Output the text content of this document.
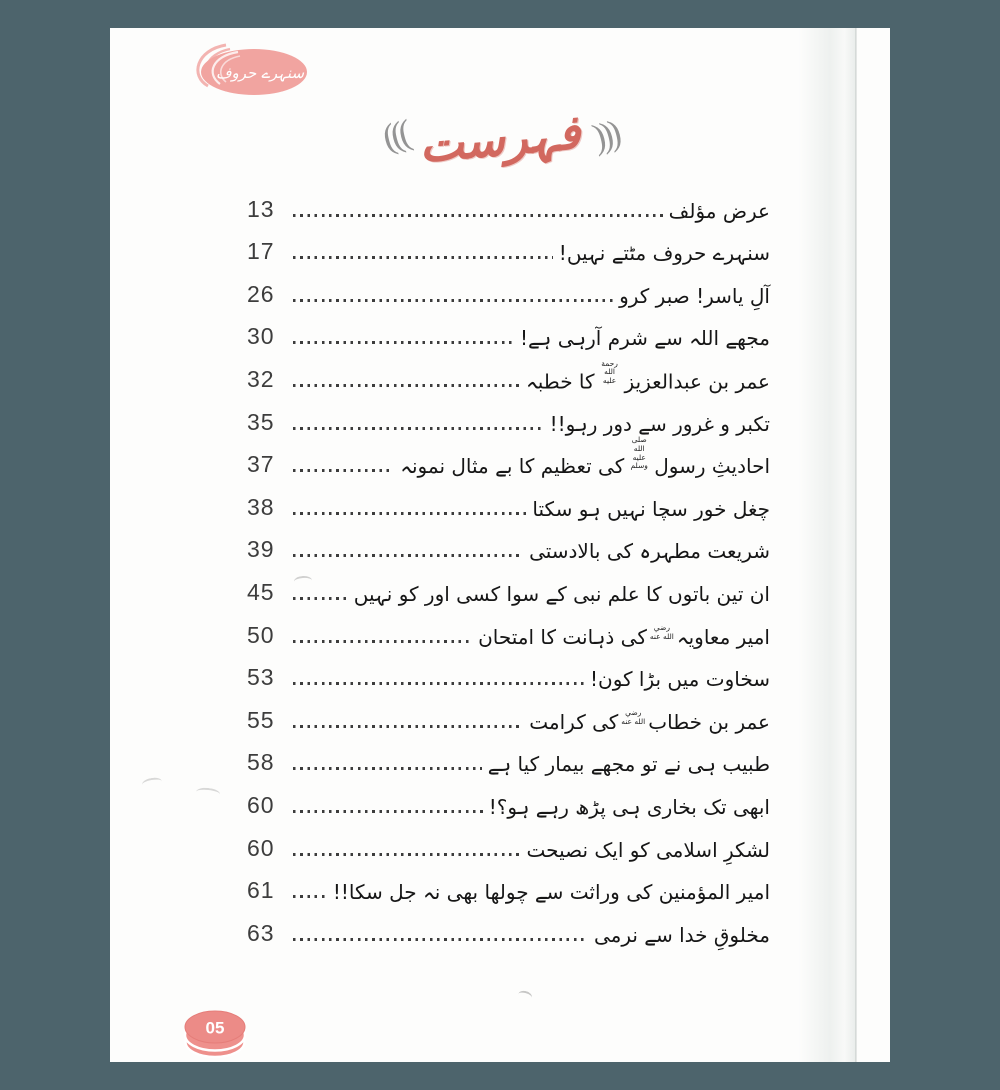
سنہرے حروف
((( فہرست )))
13	عرض مؤلف
17	سنہرے حروف مٹتے نہیں!
26	آلِ یاسر! صبر کرو
30	مجھے اللہ سے شرم آرہی ہے!
32	عمر بن عبدالعزیزرحمة الله عليهکا خطبہ
35	تکبر و غرور سے دور رہو!!
37	احادیثِ رسولصلى الله عليه وسلمکی تعظیم کا بے مثال نمونہ
38	چغل خور سچا نہیں ہو سکتا
39	شریعت مطہرہ کی بالادستی
45	ان تین باتوں کا علم نبی کے سوا کسی اور کو نہیں
50	امیر معاویہرضي الله عنهکی ذہانت کا امتحان
53	سخاوت میں بڑا کون!
55	عمر بن خطابرضي الله عنهکی کرامت
58	طبیب ہی نے تو مجھے بیمار کیا ہے
60	ابھی تک بخاری ہی پڑھ رہے ہو؟!
60	لشکرِ اسلامی کو ایک نصیحت
61	امیر المؤمنین کی وراثت سے چولھا بھی نہ جل سکا!!
63	مخلوقِ خدا سے نرمی
05
